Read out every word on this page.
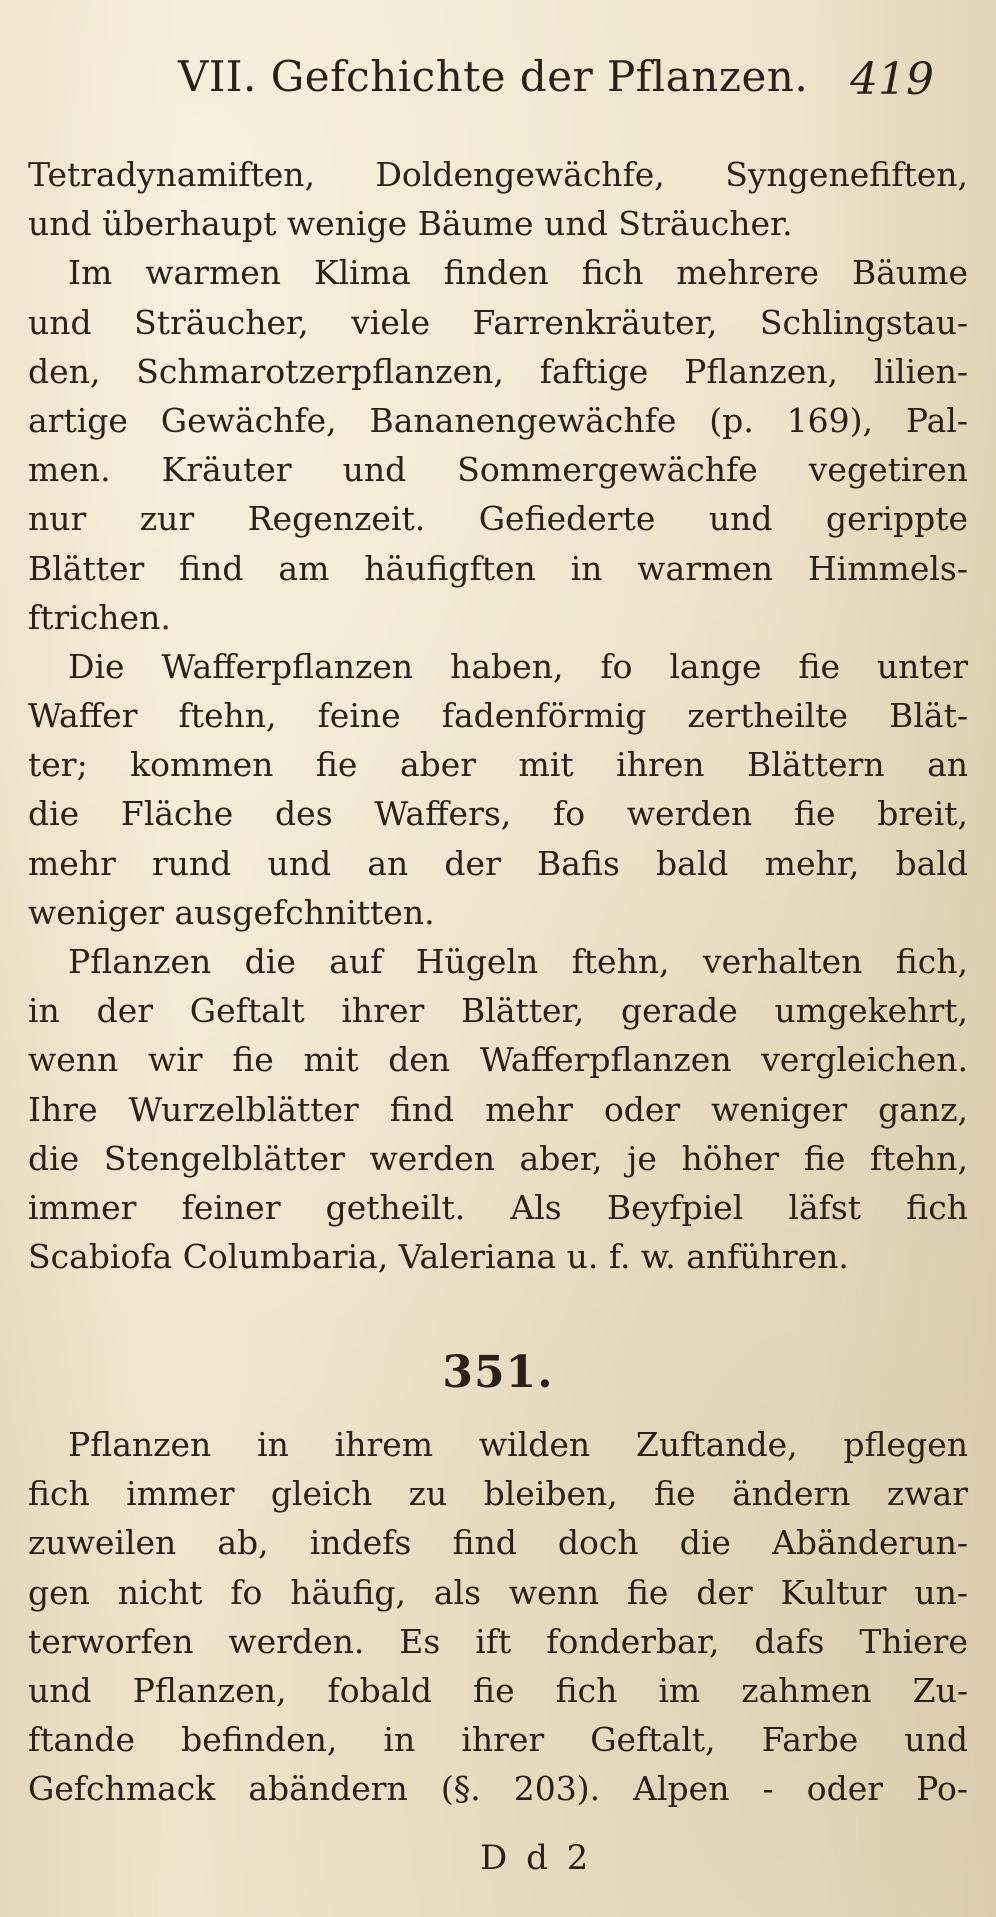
VII. Gefchichte der Pflanzen. 419
Tetradynamiften, Doldengewächfe, Syngenefiften,
und überhaupt wenige Bäume und Sträucher.
Im warmen Klima finden fich mehrere Bäume
und Sträucher, viele Farrenkräuter, Schlingstau-
den, Schmarotzerpflanzen, faftige Pflanzen, lilien-
artige Gewächfe, Bananengewächfe (p. 169), Pal-
men. Kräuter und Sommergewächfe vegetiren
nur zur Regenzeit. Gefiederte und gerippte
Blätter find am häufigften in warmen Himmels-
ftrichen.
Die Wafferpflanzen haben, fo lange fie unter
Waffer ftehn, feine fadenförmig zertheilte Blät-
ter; kommen fie aber mit ihren Blättern an
die Fläche des Waffers, fo werden fie breit,
mehr rund und an der Bafis bald mehr, bald
weniger ausgefchnitten.
Pflanzen die auf Hügeln ftehn, verhalten fich,
in der Geftalt ihrer Blätter, gerade umgekehrt,
wenn wir fie mit den Wafferpflanzen vergleichen.
Ihre Wurzelblätter find mehr oder weniger ganz,
die Stengelblätter werden aber, je höher fie ftehn,
immer feiner getheilt. Als Beyfpiel läfst fich
Scabiofa Columbaria, Valeriana u. f. w. anführen.
351.
Pflanzen in ihrem wilden Zuftande, pflegen
fich immer gleich zu bleiben, fie ändern zwar
zuweilen ab, indefs find doch die Abänderun-
gen nicht fo häufig, als wenn fie der Kultur un-
terworfen werden. Es ift fonderbar, dafs Thiere
und Pflanzen, fobald fie fich im zahmen Zu-
ftande befinden, in ihrer Geftalt, Farbe und
Gefchmack abändern (§. 203). Alpen - oder Po-
D d 2
